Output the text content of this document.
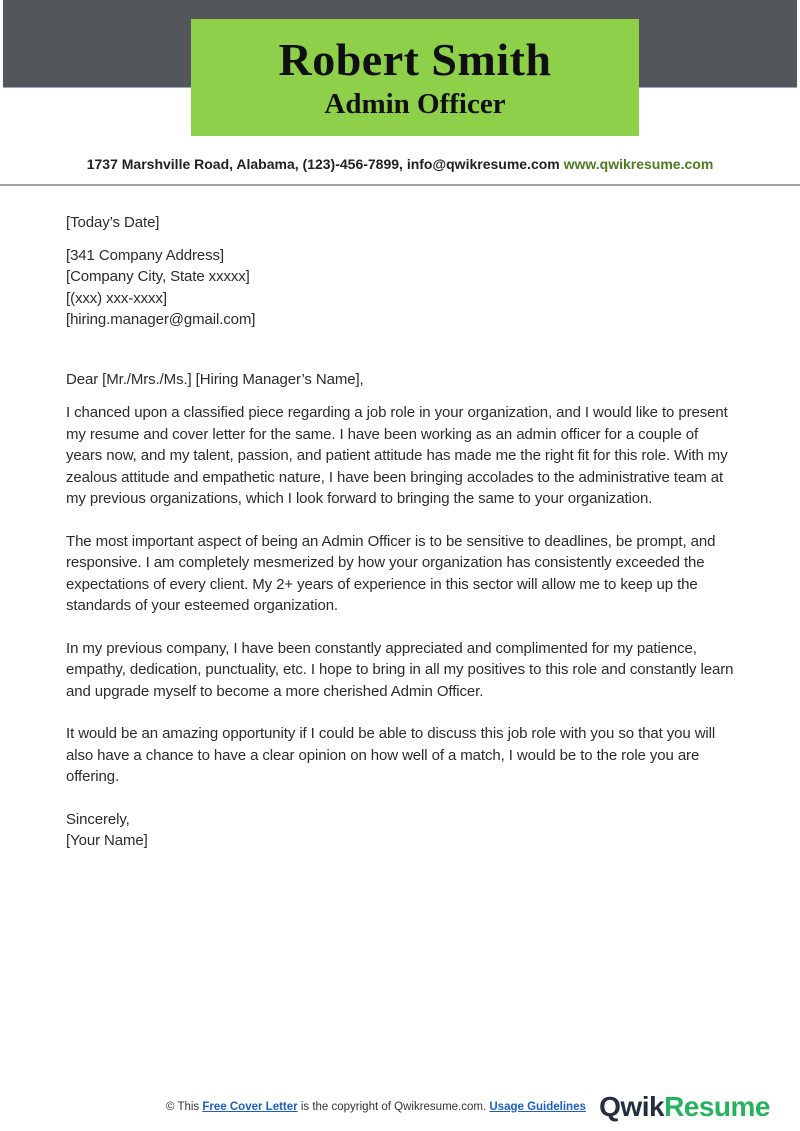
Robert Smith
Admin Officer
1737 Marshville Road, Alabama, (123)-456-7899, info@qwikresume.com www.qwikresume.com
[Today’s Date]
[341 Company Address]
[Company City, State xxxxx]
[(xxx) xxx-xxxx]
[hiring.manager@gmail.com]
Dear [Mr./Mrs./Ms.] [Hiring Manager’s Name],

I chanced upon a classified piece regarding a job role in your organization, and I would like to present my resume and cover letter for the same. I have been working as an admin officer for a couple of years now, and my talent, passion, and patient attitude has made me the right fit for this role. With my zealous attitude and empathetic nature, I have been bringing accolades to the administrative team at my previous organizations, which I look forward to bringing the same to your organization.

The most important aspect of being an Admin Officer is to be sensitive to deadlines, be prompt, and responsive. I am completely mesmerized by how your organization has consistently exceeded the expectations of every client. My 2+ years of experience in this sector will allow me to keep up the standards of your esteemed organization.

In my previous company, I have been constantly appreciated and complimented for my patience, empathy, dedication, punctuality, etc. I hope to bring in all my positives to this role and constantly learn and upgrade myself to become a more cherished Admin Officer.

It would be an amazing opportunity if I could be able to discuss this job role with you so that you will also have a chance to have a clear opinion on how well of a match, I would be to the role you are offering.

Sincerely,
[Your Name]
© This Free Cover Letter is the copyright of Qwikresume.com. Usage Guidelines QwikResume
